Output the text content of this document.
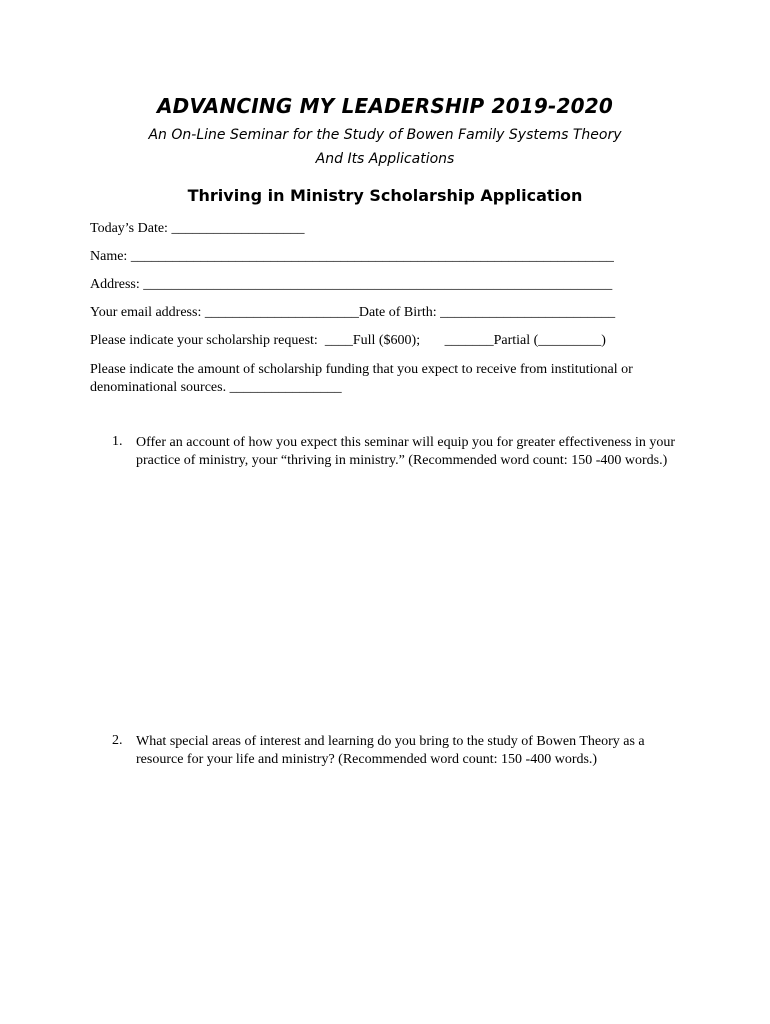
ADVANCING MY LEADERSHIP 2019-2020
An On-Line Seminar for the Study of Bowen Family Systems Theory
And Its Applications
Thriving in Ministry Scholarship Application
Today’s Date: ___________________
Name: _____________________________________________________________________
Address: ___________________________________________________________________
Your email address: ______________________Date of Birth: _________________________
Please indicate your scholarship request:  ____Full ($600);       _______Partial (_________)
Please indicate the amount of scholarship funding that you expect to receive from institutional or denominational sources. ________________
1. Offer an account of how you expect this seminar will equip you for greater effectiveness in your practice of ministry, your “thriving in ministry.” (Recommended word count: 150 -400 words.)
2. What special areas of interest and learning do you bring to the study of Bowen Theory as a resource for your life and ministry? (Recommended word count: 150 -400 words.)
